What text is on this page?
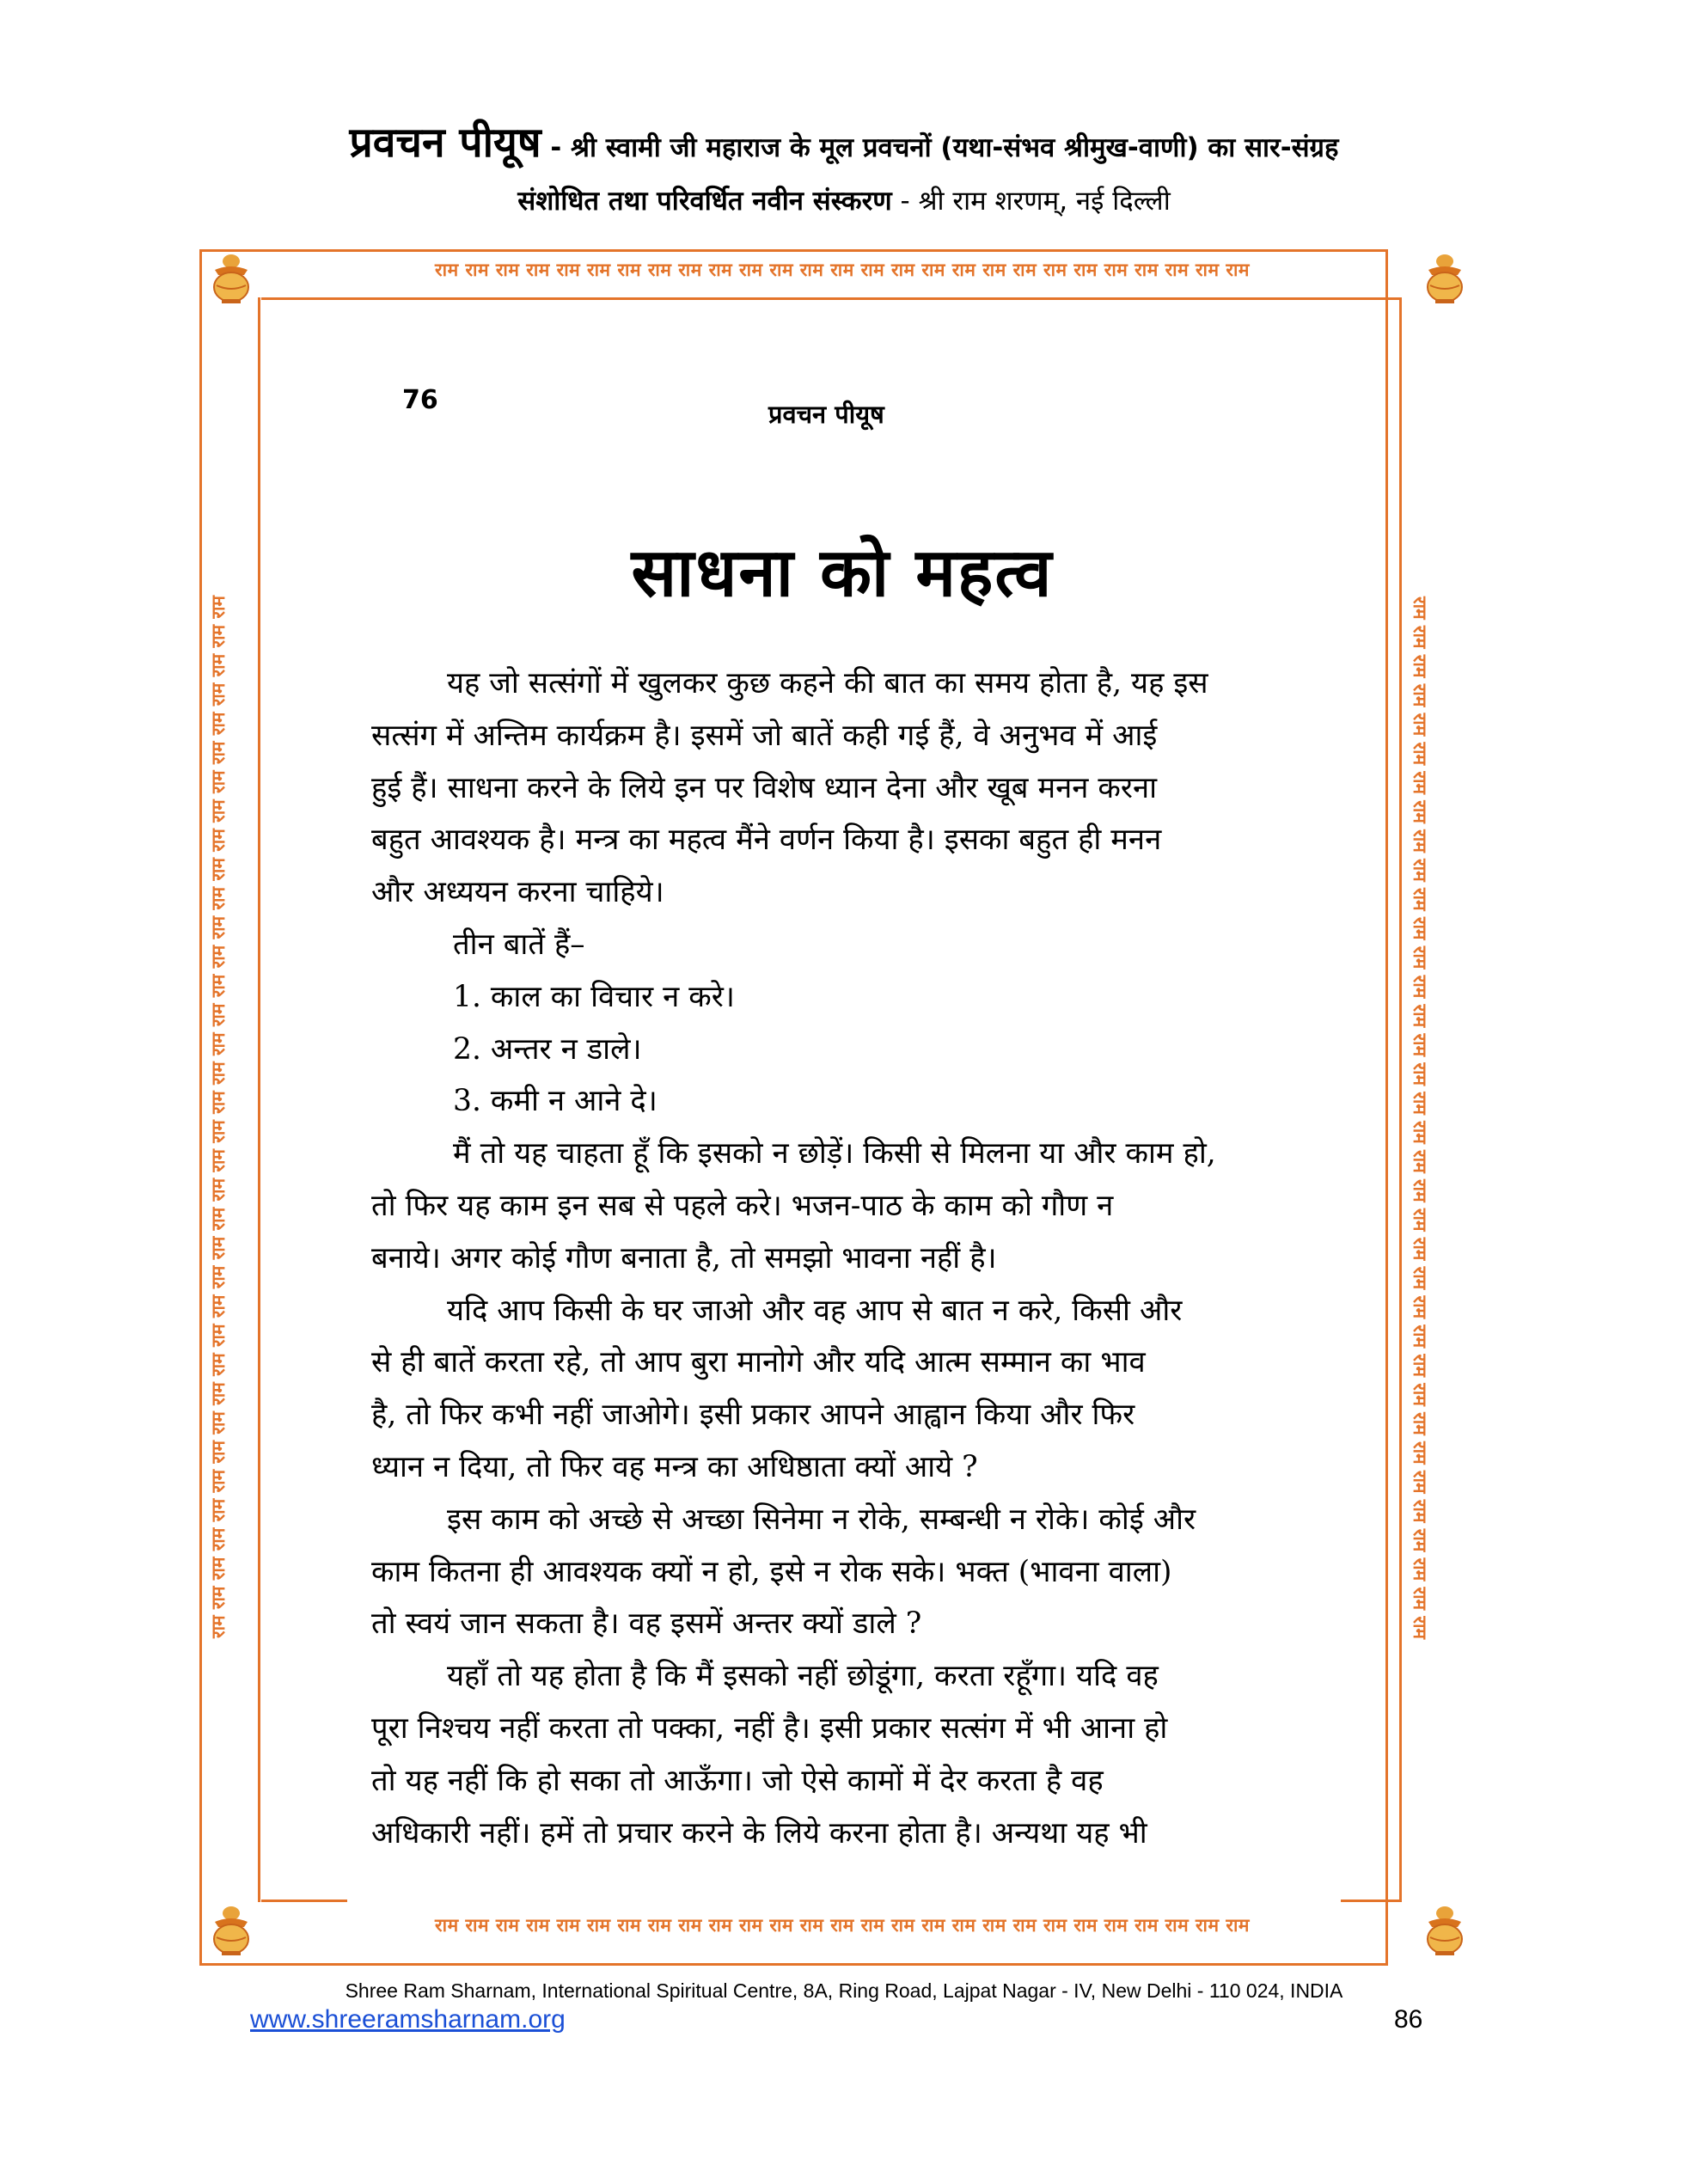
प्रवचन पीयूष - श्री स्वामी जी महाराज के मूल प्रवचनों (यथा-संभव श्रीमुख-वाणी) का सार-संग्रह
संशोधित तथा परिवर्धित नवीन संस्करण - श्री राम शरणम्, नई दिल्ली
राम राम राम राम राम राम राम राम राम राम राम राम राम राम राम राम राम राम राम राम राम राम राम राम राम राम राम
राम राम राम राम राम राम राम राम राम राम राम राम राम राम राम राम राम राम राम राम राम राम राम राम राम राम राम
राम राम राम राम राम राम राम राम राम राम राम राम राम राम राम राम राम राम राम राम राम राम राम राम राम राम राम राम राम राम राम राम राम राम राम राम	राम राम राम राम राम राम राम राम राम राम राम राम राम राम राम राम राम राम राम राम राम राम राम राम राम राम राम राम राम राम राम राम राम राम राम राम
76	प्रवचन पीयूष
साधना को महत्व

यह जो सत्संगों में खुलकर कुछ कहने की बात का समय होता है, यह इस

सत्संग में अन्तिम कार्यक्रम है। इसमें जो बातें कही गई हैं, वे अनुभव में आई

हुई हैं। साधना करने के लिये इन पर विशेष ध्यान देना और खूब मनन करना

बहुत आवश्यक है। मन्त्र का महत्व मैंने वर्णन किया है। इसका बहुत ही मनन

और अध्ययन करना चाहिये।

तीन बातें हैं–

1. काल का विचार न करे।

2. अन्तर न डाले।

3. कमी न आने दे।

मैं तो यह चाहता हूँ कि इसको न छोड़ें। किसी से मिलना या और काम हो,

तो फिर यह काम इन सब से पहले करे। भजन-पाठ के काम को गौण न

बनाये। अगर कोई गौण बनाता है, तो समझो भावना नहीं है।

यदि आप किसी के घर जाओ और वह आप से बात न करे, किसी और

से ही बातें करता रहे, तो आप बुरा मानोगे और यदि आत्म सम्मान का भाव

है, तो फिर कभी नहीं जाओगे। इसी प्रकार आपने आह्वान किया और फिर

ध्यान न दिया, तो फिर वह मन्त्र का अधिष्ठाता क्यों आये ?

इस काम को अच्छे से अच्छा सिनेमा न रोके, सम्बन्धी न रोके। कोई और

काम कितना ही आवश्यक क्यों न हो, इसे न रोक सके। भक्त (भावना वाला)

तो स्वयं जान सकता है। वह इसमें अन्तर क्यों डाले ?

यहाँ तो यह होता है कि मैं इसको नहीं छोडूंगा, करता रहूँगा। यदि वह

पूरा निश्चय नहीं करता तो पक्का, नहीं है। इसी प्रकार सत्संग में भी आना हो

तो यह नहीं कि हो सका तो आऊँगा। जो ऐसे कामों में देर करता है वह

अधिकारी नहीं। हमें तो प्रचार करने के लिये करना होता है। अन्यथा यह भी

Shree Ram Sharnam, International Spiritual Centre, 8A, Ring Road, Lajpat Nagar - IV, New Delhi - 110 024, INDIA
www.shreeramsharnam.org	86
